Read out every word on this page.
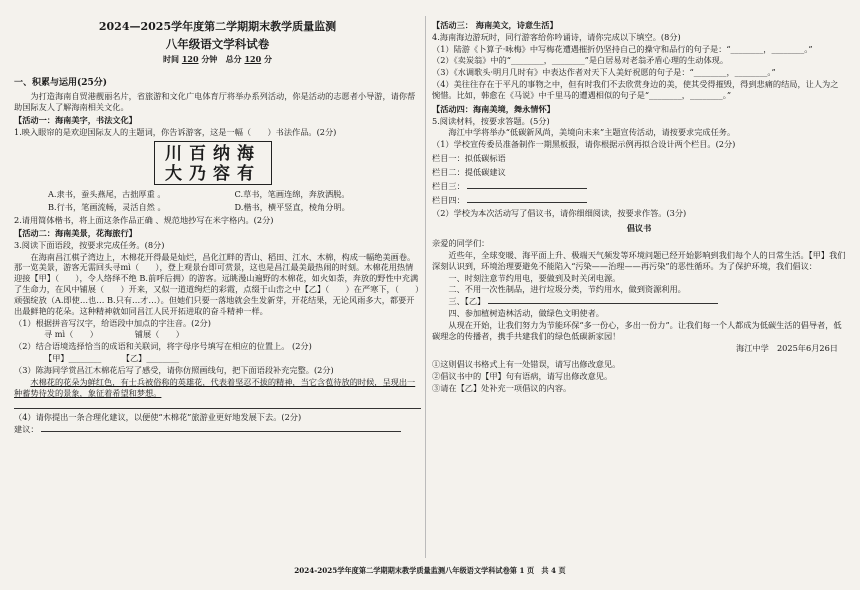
2024—2025学年度第二学期期末教学质量监测
八年级语文学科试卷
时间 120 分钟 总分 120 分
一、积累与运用(25分)

为打造海南自贸港靓丽名片，省旅游和文化广电体育厅将举办系列活动，你是活动的志愿者小导游，请你帮助国际友人了解海南相关文化。

【活动一：海南美字，书法文化】

1.映入眼帘的是欢迎国际友人的主题词，你告诉游客，这是一幅（　　）书法作品。(2分)

川百纳海
大乃容有
A.隶书，蚕头燕尾，古拙厚重 。	C.草书，笔画连绵，奔放洒脱。
B.行书，笔画流畅，灵活自然 。	D.楷书，横平竖直，棱角分明。

2.请用简体楷书，将上面这条作品正确 、规范地抄写在米字格内。(2分)

【活动二：海南美景，花海旅行】

3.阅读下面语段，按要求完成任务。(8分)

在海南昌江棋子湾边上，木棉花开得最是灿烂，昌化江畔的青山、稻田、江水、木棉，构成一幅绝美画卷。那一览美景，游客无需回头寻mì（　　），登上观景台即可赏景，这也是昌江最美最热闹的时刻。木棉花用热情迎接【甲】（　　），令人络绎不绝 B.前呼后拥）的游客。远眺漫山遍野的木棉花，如火如荼，奔放的野性中充满了生命力，在风中铺展（　　）开来，又似一道道绚烂的彩霞，点缀于山峦之中【乙】（　　）在严寒下，（　　）顽强绽放（A.即使…也… B.只有…才…）。但她们只要一落地就会生发新芽，开花结果，无论风雨多大，都要开出最鲜艳的花朵。这种精神就如同昌江人民开拓进取的奋斗精神一样。

（1）根据拼音写汉字，给语段中加点的字注音。(2分)

寻 mì（　　）　　　　　铺展（　　）

（2）结合语境选择恰当的成语和关联词，将字母序号填写在相应的位置上。 (2分)

【甲】________　　　【乙】________

（3）陈海同学赏昌江木棉花后写了感受，请你仿照画线句，把下面语段补充完整。(2分)

木棉花的花朵为鲜红色，有士兵被俗称的英雄花，代表着坚忍不拔的精神，当它含苞待放的时候，呈现出一种蓄势待发的景象，象征着希望和梦想。

（4）请你提出一条合理化建议，以便使“木棉花”旅游业更好地发展下去。(2分)

建议：

【活动三： 海南美文，诗意生活】

4.海南海边游玩时，同行游客给你吟诵诗，请你完成以下填空。(8分)

（1）陆游《卜算子·咏梅》中写梅花遭遇摧折仍坚持自己的操守和品行的句子是：“________，________。”

（2）《卖炭翁》中的“________，________”是白居易对老翁矛盾心理的生动体现。

（3）《水调歌头·明月几时有》中表达作者对天下人美好祝愿的句子是：“________，________。”

（4）美往往存在于平凡的事物之中，但有时我们不去欣赏身边的美，使其受得摧毁，得到悲痛的结局，让人为之惋惜。比如，韩愈在《马说》中千里马的遭遇相似的句子是“________，________。”

【活动四：海南美境，舞永情怀】

5.阅读材料，按要求答题。(5分)

海江中学将举办“低碳新风尚，美境向未来”主题宣传活动，请按要求完成任务。

（1）学校宣传委员准备制作一期黑板报，请你根据示例再拟合设计两个栏目。(2分)

栏目一：拟低碳标语

栏目二：提低碳建议

栏目三：

栏目四：

（2）学校为本次活动写了倡议书，请你细细阅读，按要求作答。(3分)

倡议书

亲爱的同学们：

近些年，全球变暖、海平面上升、极端天气频发等环境问题已经开始影响到我们每个人的日常生活。【甲】我们深刻认识到，环境治理要避免不能陷入“污染——治理——再污染”的恶性循环。为了保护环境，我们倡议：

一、时刻注意节约用电，要做到及时关闭电源。

二、不用一次性制品，进行垃圾分类，节约用水，做到资源利用。

三、【乙】

四、参加植树造林活动，做绿色文明使者。

从现在开始，让我们努力为节能环保“多一份心，多出一份力”。让我们每一个人都成为低碳生活的倡导者，低碳理念的传播者，携手共建我们的绿色低碳新家园！

海江中学　2025年6月26日

①这则倡议书格式上有一处错误，请写出修改意见。

②倡议书中的【甲】句有语病，请写出修改意见。

③请在【乙】处补充一项倡议的内容。

2024-2025学年度第二学期期末教学质量监测八年级语文学科试卷第 1 页　共 4 页
